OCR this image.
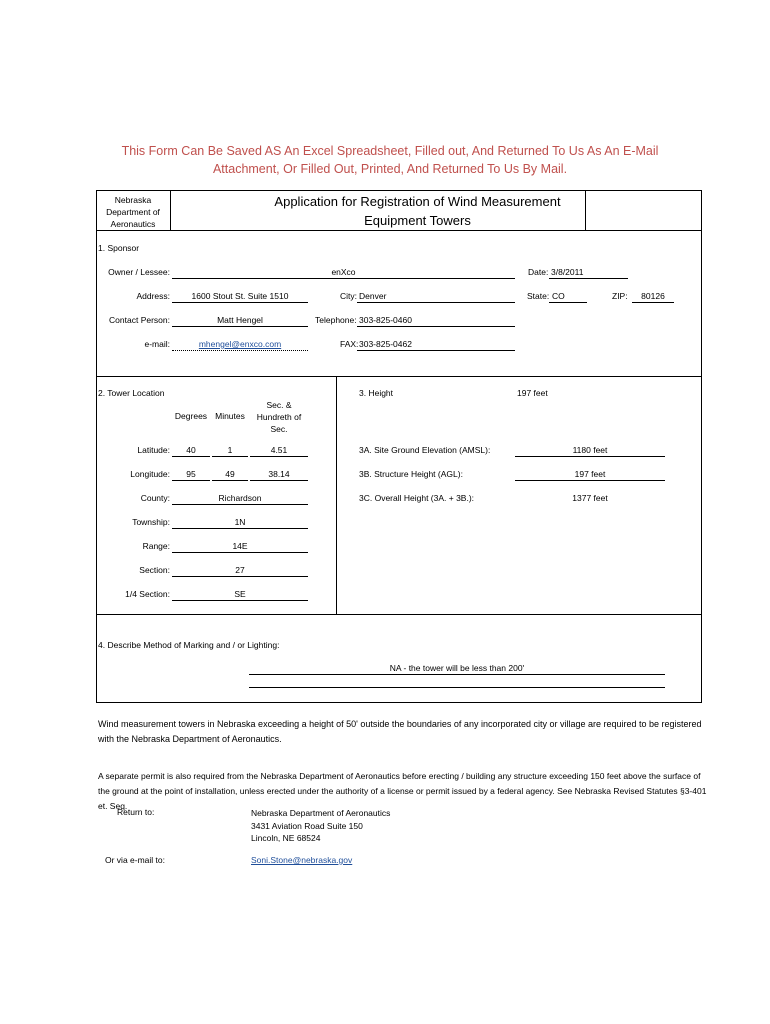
This Form Can Be Saved AS An Excel Spreadsheet, Filled out, And Returned To Us As An E-Mail Attachment, Or Filled Out, Printed, And Returned To Us By Mail.
Nebraska
Department of
Aeronautics
Application for Registration of Wind Measurement
Equipment Towers
1. Sponsor
Owner / Lessee:	enXco	Date: 3/8/2011
Address:	1600 Stout St. Suite 1510	City: Denver	State: CO	ZIP:	80126
Contact Person:	Matt Hengel	Telephone: 303-825-0460
e-mail:	mhengel@enxco.com	FAX: 303-825-0462
2. Tower Location
Degrees Minutes
Sec. &
Hundreth of
Sec.
Latitude:	40	1	4.51
Longitude:	95	49	38.14
County:	Richardson
Township:	1N
Range:	14E
Section:	27
1/4 Section:	SE
3. Height	197 feet
3A. Site Ground Elevation (AMSL):	1180 feet
3B. Structure Height (AGL):	197 feet
3C. Overall Height (3A. + 3B.):	1377 feet
4. Describe Method of Marking and / or Lighting:
NA - the tower will be less than 200'
Wind measurement towers in Nebraska exceeding a height of 50' outside the boundaries of any incorporated city or village are required to be registered with the Nebraska Department of Aeronautics.
A separate permit is also required from the Nebraska Department of Aeronautics before erecting / building any structure exceeding 150 feet above the surface of the ground at the point of installation, unless erected under the authority of a license or permit issued by a federal agency. See Nebraska Revised Statutes §3-401 et. Seq.
Return to:	Nebraska Department of Aeronautics
3431 Aviation Road Suite 150
Lincoln, NE 68524
Or via e-mail to:	Soni.Stone@nebraska.gov
